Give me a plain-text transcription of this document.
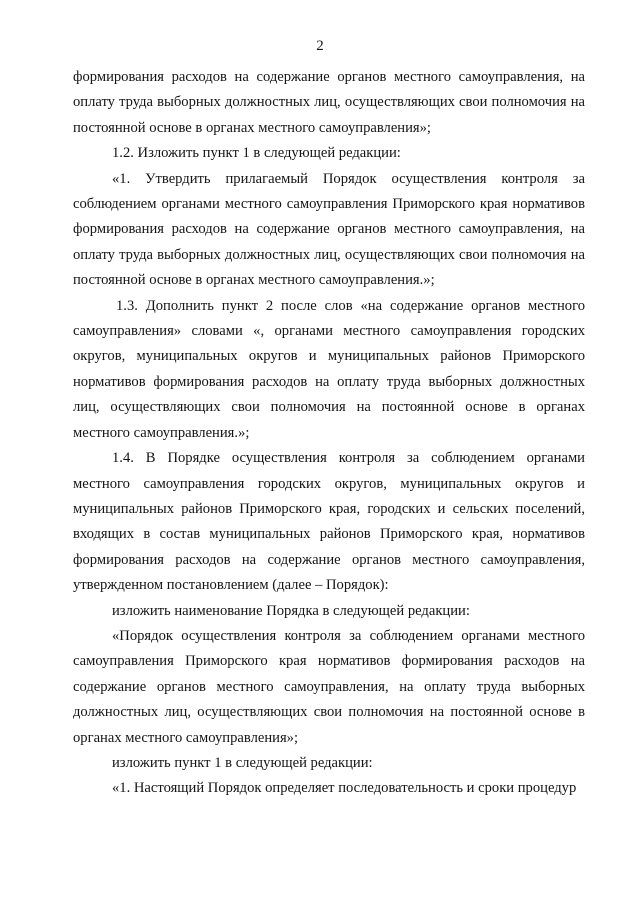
2

формирования расходов на содержание органов местного самоуправления, на оплату труда выборных должностных лиц, осуществляющих свои полномочия на постоянной основе в органах местного самоуправления»;

1.2. Изложить пункт 1 в следующей редакции:

«1. Утвердить прилагаемый Порядок осуществления контроля за соблюдением органами местного самоуправления Приморского края нормативов формирования расходов на содержание органов местного самоуправления, на оплату труда выборных должностных лиц, осуществляющих свои полномочия на постоянной основе в органах местного самоуправления.»;

1.3. Дополнить пункт 2 после слов «на содержание органов местного самоуправления» словами «, органами местного самоуправления городских округов, муниципальных округов и муниципальных районов Приморского нормативов формирования расходов на оплату труда выборных должностных лиц, осуществляющих свои полномочия на постоянной основе в органах местного самоуправления.»;

1.4. В Порядке осуществления контроля за соблюдением органами местного самоуправления городских округов, муниципальных округов и муниципальных районов Приморского края, городских и сельских поселений, входящих в состав муниципальных районов Приморского края, нормативов формирования расходов на содержание органов местного самоуправления, утвержденном постановлением (далее – Порядок):

изложить наименование Порядка в следующей редакции:

«Порядок осуществления контроля за соблюдением органами местного самоуправления Приморского края нормативов формирования расходов на содержание органов местного самоуправления, на оплату труда выборных должностных лиц, осуществляющих свои полномочия на постоянной основе в органах местного самоуправления»;

изложить пункт 1 в следующей редакции:

«1. Настоящий Порядок определяет последовательность и сроки процедур
